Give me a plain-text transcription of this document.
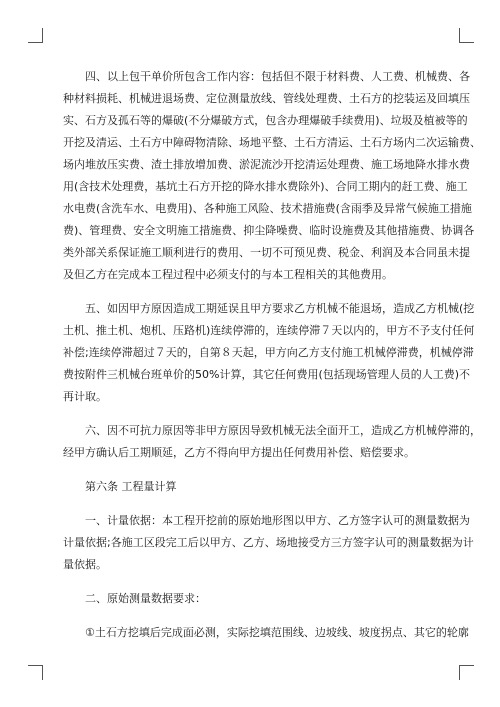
　　四、以上包干单价所包含工作内容：包括但不限于材料费、人工费、机械费、各
种材料损耗、机械进退场费、定位测量放线、管线处理费、土石方的挖装运及回填压
实、石方及孤石等的爆破(不分爆破方式，包含办理爆破手续费用)、垃圾及植被等的
开挖及清运、土石方中障碍物清除、场地平整、土石方清运、土石方场内二次运输费、
场内堆放压实费、渣土排放增加费、淤泥流沙开挖清运处理费、施工场地降水排水费
用(含技术处理费，基坑土石方开挖的降水排水费除外)、合同工期内的赶工费、施工
水电费(含洗车水、电费用)、各种施工风险、技术措施费(含雨季及异常气候施工措施
费)、管理费、安全文明施工措施费、抑尘降噪费、临时设施费及其他措施费、协调各
类外部关系保证施工顺利进行的费用、一切不可预见费、税金、利润及本合同虽未提
及但乙方在完成本工程过程中必须支付的与本工程相关的其他费用。
　　五、如因甲方原因造成工期延误且甲方要求乙方机械不能退场，造成乙方机械(挖
土机、推土机、炮机、压路机)连续停滞的，连续停滞７天以内的，甲方不予支付任何
补偿;连续停滞超过７天的，自第８天起，甲方向乙方支付施工机械停滞费，机械停滞
费按附件三机械台班单价的50%计算，其它任何费用(包括现场管理人员的人工费)不
再计取。
　　六、因不可抗力原因等非甲方原因导致机械无法全面开工，造成乙方机械停滞的，
经甲方确认后工期顺延，乙方不得向甲方提出任何费用补偿、赔偿要求。
　　第六条 工程量计算
　　一、计量依据：本工程开挖前的原始地形图以甲方、乙方签字认可的测量数据为
计量依据;各施工区段完工后以甲方、乙方、场地接受方三方签字认可的测量数据为计
量依据。
　　二、原始测量数据要求：
　　①土石方挖填后完成面必测，实际挖填范围线、边坡线、坡度拐点、其它的轮廓
